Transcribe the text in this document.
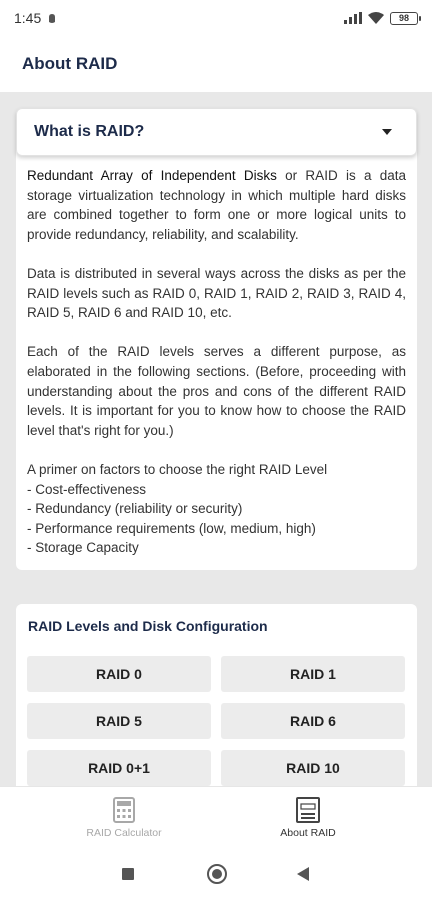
1:45	98
About RAID
What is RAID?

Redundant Array of Independent Disks or RAID is a data storage virtualization technology in which multiple hard disks are combined together to form one or more logical units to provide redundancy, reliability, and scalability.

Data is distributed in several ways across the disks as per the RAID levels such as RAID 0, RAID 1, RAID 2, RAID 3, RAID 4, RAID 5, RAID 6 and RAID 10, etc.

Each of the RAID levels serves a different purpose, as elaborated in the following sections. (Before, proceeding with understanding about the pros and cons of the different RAID levels. It is important for you to know how to choose the RAID level that's right for you.)

A primer on factors to choose the right RAID Level
- Cost-effectiveness
- Redundancy (reliability or security)
- Performance requirements (low, medium, high)
- Storage Capacity

RAID Levels and Disk Configuration
RAID 0	RAID 1
RAID 5	RAID 6
RAID 0+1	RAID 10
RAID Calculator	About RAID
